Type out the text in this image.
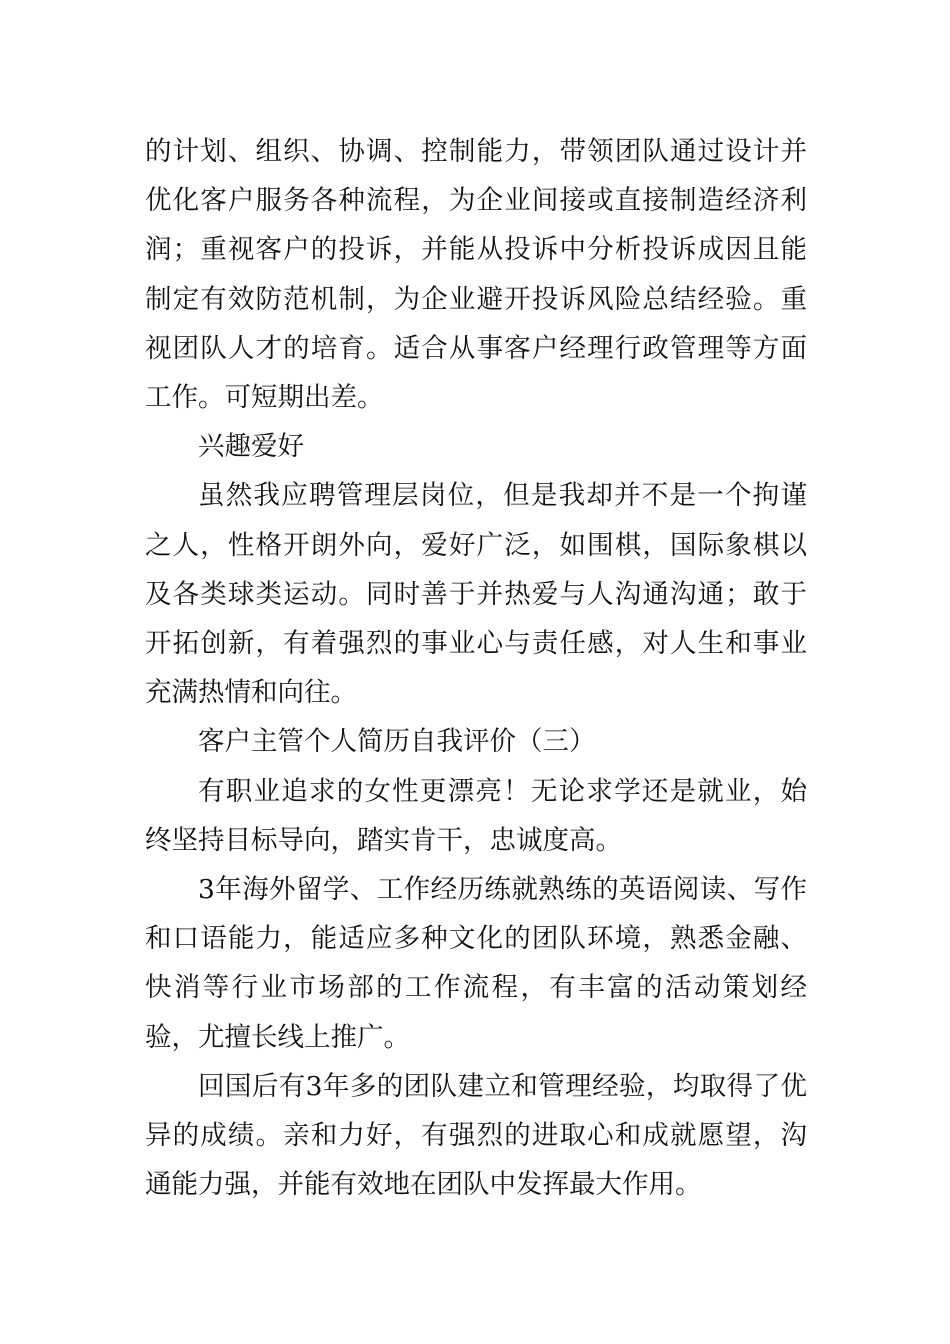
的计划、组织、协调、控制能力，带领团队通过设计并优化客户服务各种流程，为企业间接或直接制造经济利润；重视客户的投诉，并能从投诉中分析投诉成因且能制定有效防范机制，为企业避开投诉风险总结经验。重视团队人才的培育。适合从事客户经理行政管理等方面工作。可短期出差。

兴趣爱好

虽然我应聘管理层岗位，但是我却并不是一个拘谨之人，性格开朗外向，爱好广泛，如围棋，国际象棋以及各类球类运动。同时善于并热爱与人沟通沟通；敢于开拓创新，有着强烈的事业心与责任感，对人生和事业充满热情和向往。

客户主管个人简历自我评价（三）

有职业追求的女性更漂亮！无论求学还是就业，始终坚持目标导向，踏实肯干，忠诚度高。

3年海外留学、工作经历练就熟练的英语阅读、写作和口语能力，能适应多种文化的团队环境，熟悉金融、快消等行业市场部的工作流程，有丰富的活动策划经验，尤擅长线上推广。

回国后有3年多的团队建立和管理经验，均取得了优异的成绩。亲和力好，有强烈的进取心和成就愿望，沟通能力强，并能有效地在团队中发挥最大作用。
